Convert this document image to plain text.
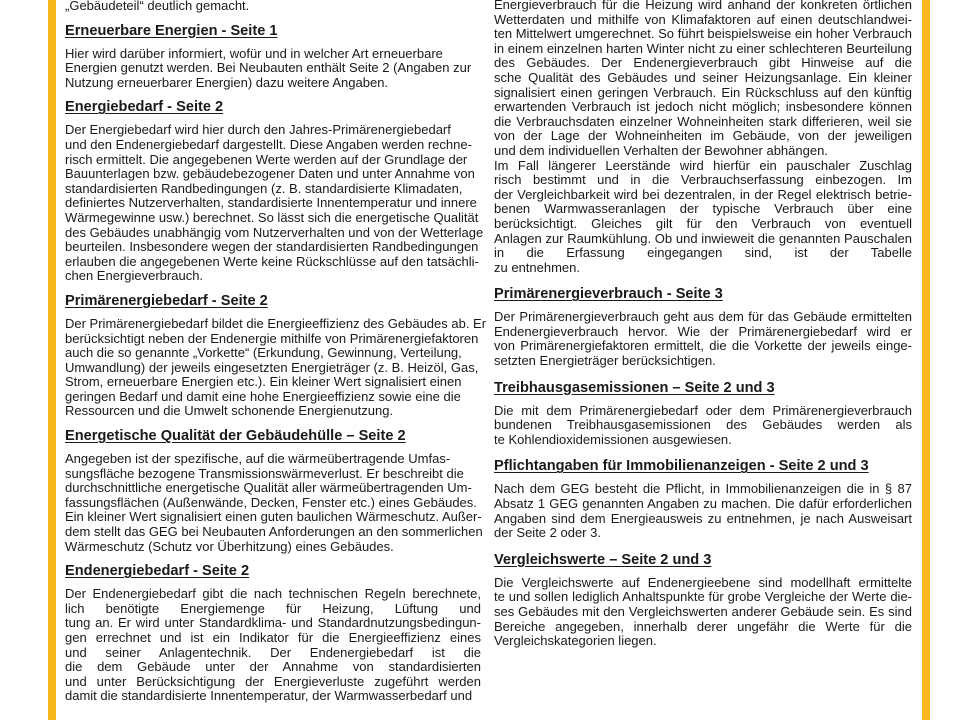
„Gebäudeteil“ deutlich gemacht.
Erneuerbare Energien - Seite 1
Hier wird darüber informiert, wofür und in welcher Art erneuerbare
Energien genutzt werden. Bei Neubauten enthält Seite 2 (Angaben zur
Nutzung erneuerbarer Energien) dazu weitere Angaben.
Energiebedarf - Seite 2
Der Energiebedarf wird hier durch den Jahres-Primärenergiebedarf
und den Endenergiebedarf dargestellt. Diese Angaben werden rechne-
risch ermittelt. Die angegebenen Werte werden auf der Grundlage der
Bauunterlagen bzw. gebäudebezogener Daten und unter Annahme von
standardisierten Randbedingungen (z. B. standardisierte Klimadaten,
definiertes Nutzerverhalten, standardisierte Innentemperatur und innere
Wärmegewinne usw.) berechnet. So lässt sich die energetische Qualität
des Gebäudes unabhängig vom Nutzerverhalten und von der Wetterlage
beurteilen. Insbesondere wegen der standardisierten Randbedingungen
erlauben die angegebenen Werte keine Rückschlüsse auf den tatsächli-
chen Energieverbrauch.
Primärenergiebedarf - Seite 2
Der Primärenergiebedarf bildet die Energieeffizienz des Gebäudes ab. Er
berücksichtigt neben der Endenergie mithilfe von Primärenergiefaktoren
auch die so genannte „Vorkette“ (Erkundung, Gewinnung, Verteilung,
Umwandlung) der jeweils eingesetzten Energieträger (z. B. Heizöl, Gas,
Strom, erneuerbare Energien etc.). Ein kleiner Wert signalisiert einen
geringen Bedarf und damit eine hohe Energieeffizienz sowie eine die
Ressourcen und die Umwelt schonende Energienutzung.
Energetische Qualität der Gebäudehülle – Seite 2
Angegeben ist der spezifische, auf die wärmeübertragende Umfas-
sungsfläche bezogene Transmissionswärmeverlust. Er beschreibt die
durchschnittliche energetische Qualität aller wärmeübertragenden Um-
fassungsflächen (Außenwände, Decken, Fenster etc.) eines Gebäudes.
Ein kleiner Wert signalisiert einen guten baulichen Wärmeschutz. Außer-
dem stellt das GEG bei Neubauten Anforderungen an den sommerlichen
Wärmeschutz (Schutz vor Überhitzung) eines Gebäudes.
Endenergiebedarf - Seite 2
Der Endenergiebedarf gibt die nach technischen Regeln berechnete,
lich benötigte Energiemenge für Heizung, Lüftung und
tung an. Er wird unter Standardklima- und Standardnutzungsbedingun-
gen errechnet und ist ein Indikator für die Energieeffizienz eines
und seiner Anlagentechnik. Der Endenergiebedarf ist die
die dem Gebäude unter der Annahme von standardisierten
und unter Berücksichtigung der Energieverluste zugeführt werden
damit die standardisierte Innentemperatur, der Warmwasserbedarf und
Energieverbrauch für die Heizung wird anhand der konkreten örtlichen
Wetterdaten und mithilfe von Klimafaktoren auf einen deutschlandwei-
ten Mittelwert umgerechnet. So führt beispielsweise ein hoher Verbrauch
in einem einzelnen harten Winter nicht zu einer schlechteren Beurteilung
des Gebäudes. Der Endenergieverbrauch gibt Hinweise auf die
sche Qualität des Gebäudes und seiner Heizungsanlage. Ein kleiner
signalisiert einen geringen Verbrauch. Ein Rückschluss auf den künftig
erwartenden Verbrauch ist jedoch nicht möglich; insbesondere können
die Verbrauchsdaten einzelner Wohneinheiten stark differieren, weil sie
von der Lage der Wohneinheiten im Gebäude, von der jeweiligen
und dem individuellen Verhalten der Bewohner abhängen.
Im Fall längerer Leerstände wird hierfür ein pauschaler Zuschlag
risch bestimmt und in die Verbrauchserfassung einbezogen. Im
der Vergleichbarkeit wird bei dezentralen, in der Regel elektrisch betrie-
benen Warmwasseranlagen der typische Verbrauch über eine
berücksichtigt. Gleiches gilt für den Verbrauch von eventuell
Anlagen zur Raumkühlung. Ob und inwieweit die genannten Pauschalen
in die Erfassung eingegangen sind, ist der Tabelle
zu entnehmen.
Primärenergieverbrauch - Seite 3
Der Primärenergieverbrauch geht aus dem für das Gebäude ermittelten
Endenergieverbrauch hervor. Wie der Primärenergiebedarf wird er
von Primärenergiefaktoren ermittelt, die die Vorkette der jeweils einge-
setzten Energieträger berücksichtigen.
Treibhausgasemissionen – Seite 2 und 3
Die mit dem Primärenergiebedarf oder dem Primärenergieverbrauch
bundenen Treibhausgasemissionen des Gebäudes werden als
te Kohlendioxidemissionen ausgewiesen.
Pflichtangaben für Immobilienanzeigen - Seite 2 und 3
Nach dem GEG besteht die Pflicht, in Immobilienanzeigen die in § 87
Absatz 1 GEG genannten Angaben zu machen. Die dafür erforderlichen
Angaben sind dem Energieausweis zu entnehmen, je nach Ausweisart
der Seite 2 oder 3.
Vergleichswerte – Seite 2 und 3
Die Vergleichswerte auf Endenergieebene sind modellhaft ermittelte
te und sollen lediglich Anhaltspunkte für grobe Vergleiche der Werte die-
ses Gebäudes mit den Vergleichswerten anderer Gebäude sein. Es sind
Bereiche angegeben, innerhalb derer ungefähr die Werte für die
Vergleichskategorien liegen.
